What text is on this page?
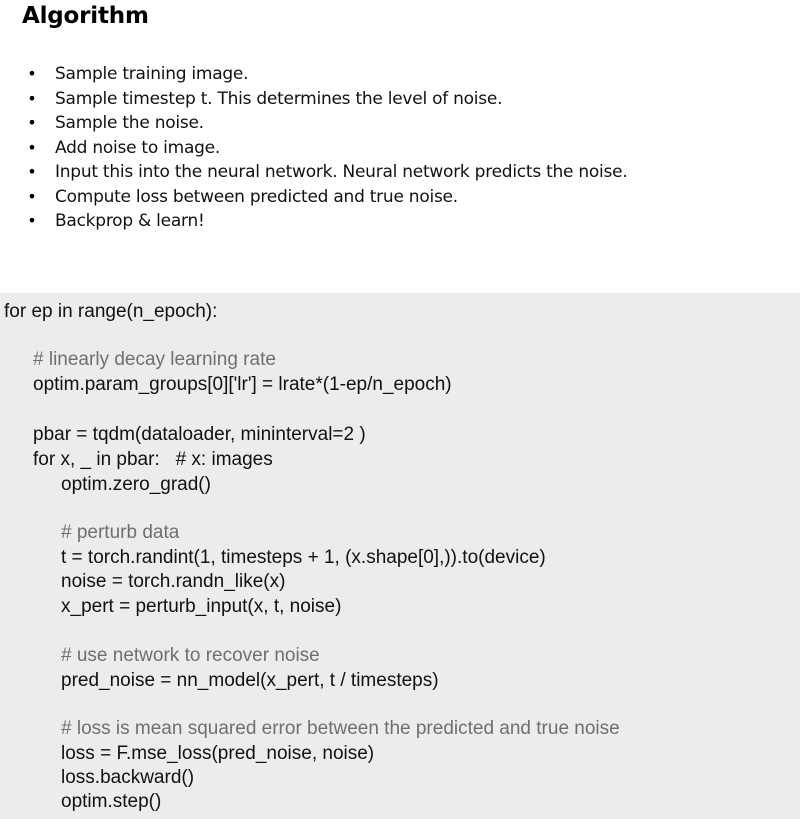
Algorithm
• Sample training image.
• Sample timestep t. This determines the level of noise.
• Sample the noise.
• Add noise to image.
• Input this into the neural network. Neural network predicts the noise.
• Compute loss between predicted and true noise.
• Backprop & learn!
for ep in range(n_epoch):
# linearly decay learning rate
optim.param_groups[0]['lr'] = lrate*(1-ep/n_epoch)
pbar = tqdm(dataloader, mininterval=2 )
for x, _ in pbar:   # x: images
optim.zero_grad()
# perturb data
t = torch.randint(1, timesteps + 1, (x.shape[0],)).to(device)
noise = torch.randn_like(x)
x_pert = perturb_input(x, t, noise)
# use network to recover noise
pred_noise = nn_model(x_pert, t / timesteps)
# loss is mean squared error between the predicted and true noise
loss = F.mse_loss(pred_noise, noise)
loss.backward()
optim.step()
